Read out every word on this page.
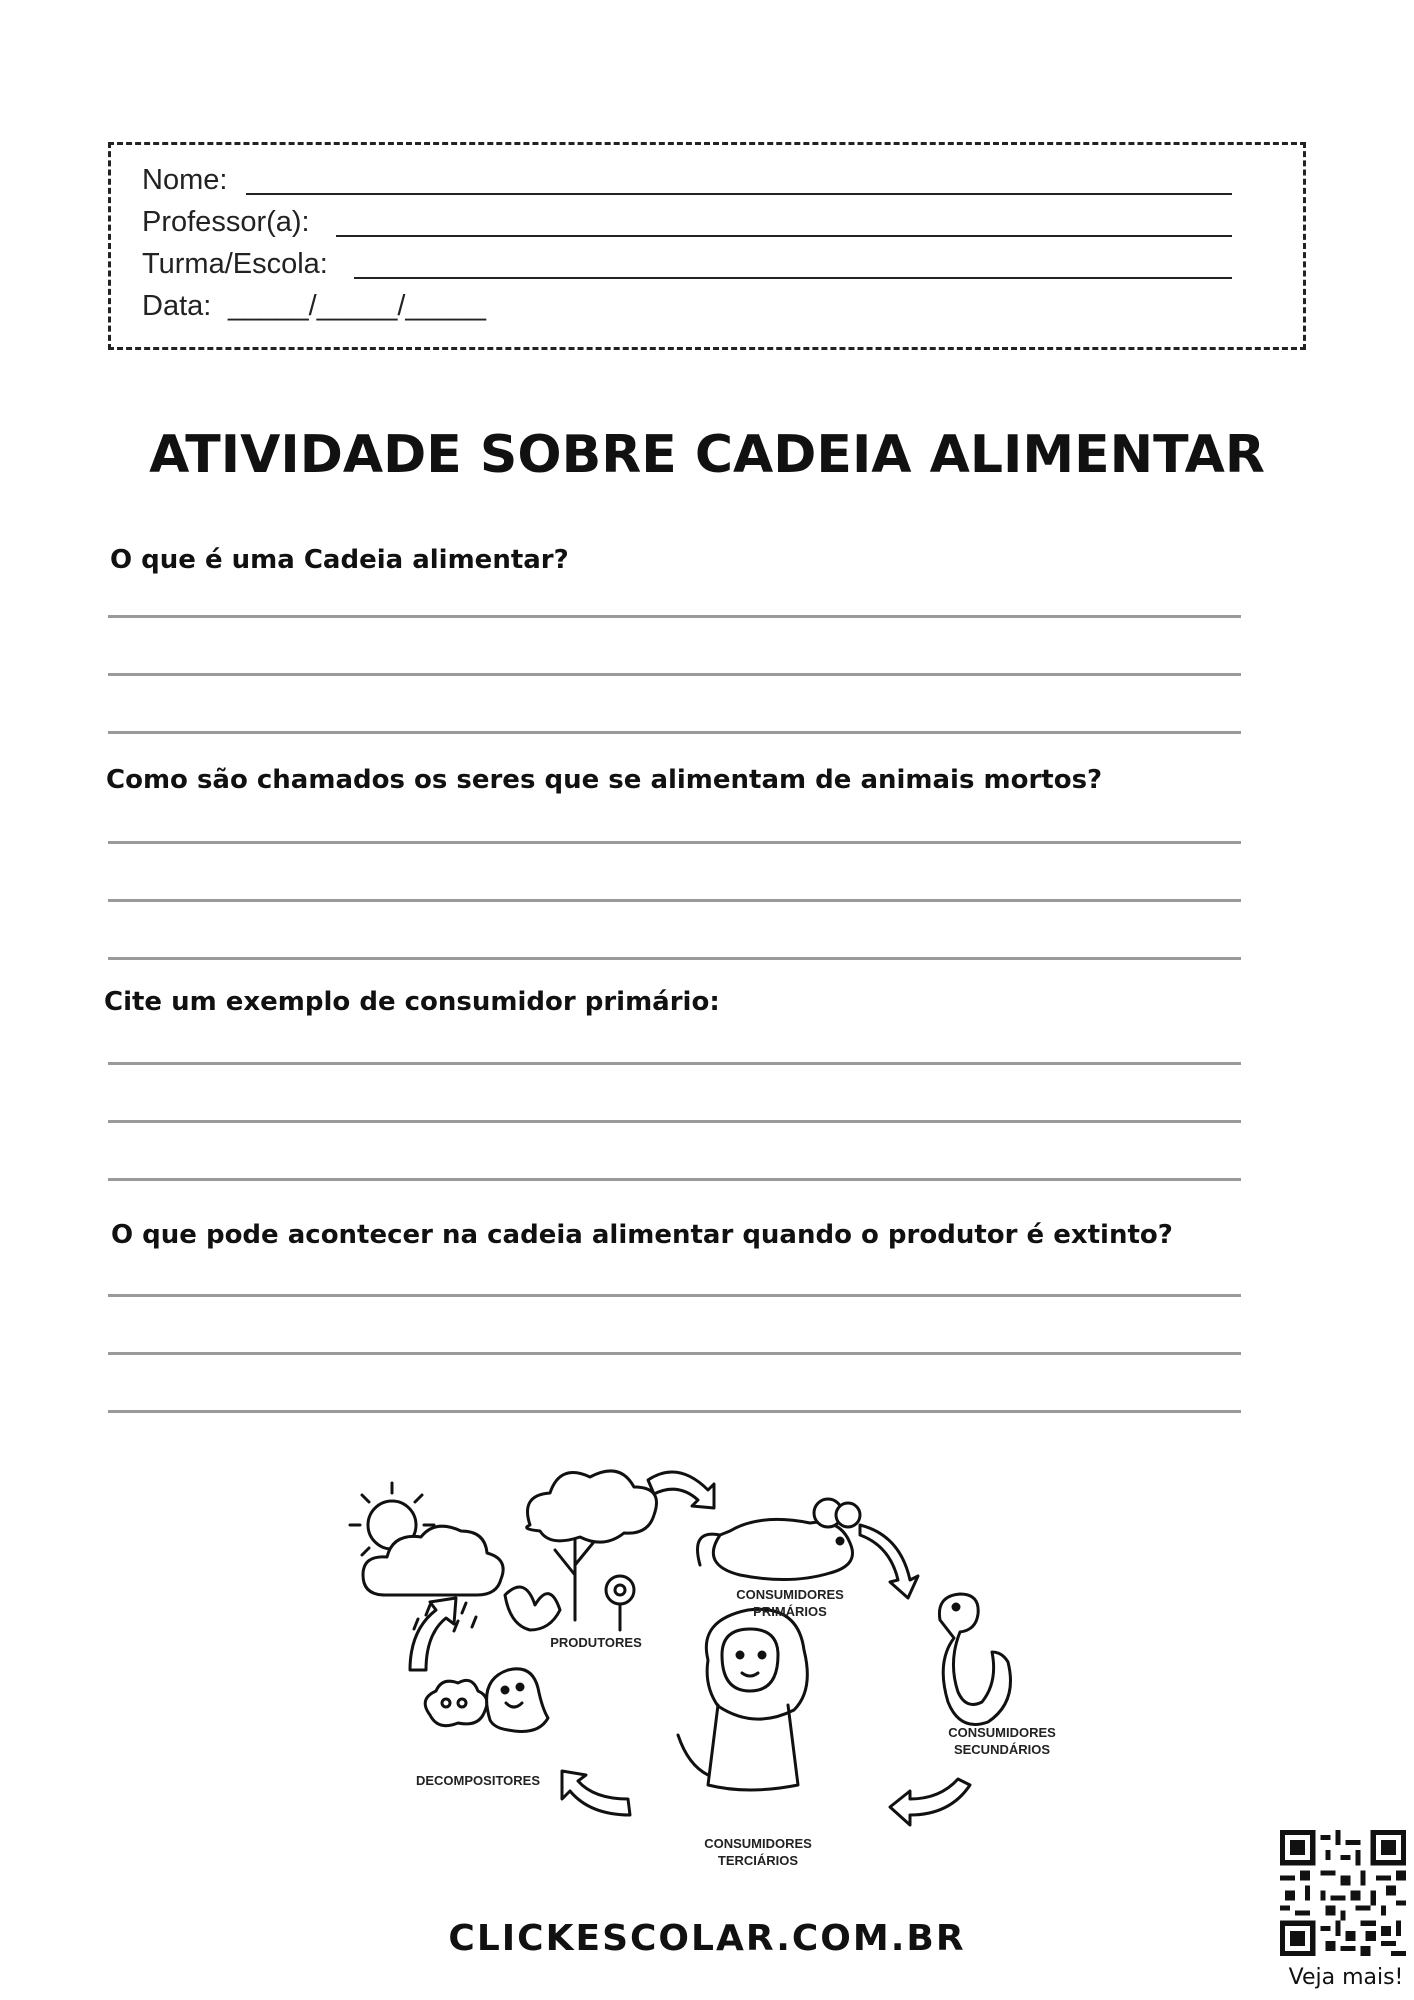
Nome:
Professor(a):
Turma/Escola:
Data: _____/_____/_____
ATIVIDADE SOBRE CADEIA ALIMENTAR
O que é uma Cadeia alimentar?
Como são chamados os seres que se alimentam de animais mortos?
Cite um exemplo de consumidor primário:
O que pode acontecer na cadeia alimentar quando o produtor é extinto?
PRODUTORES
CONSUMIDORES
PRIMÁRIOS
CONSUMIDORES
SECUNDÁRIOS
CONSUMIDORES
TERCIÁRIOS
DECOMPOSITORES
CLICKESCOLAR.COM.BR
Veja mais!
